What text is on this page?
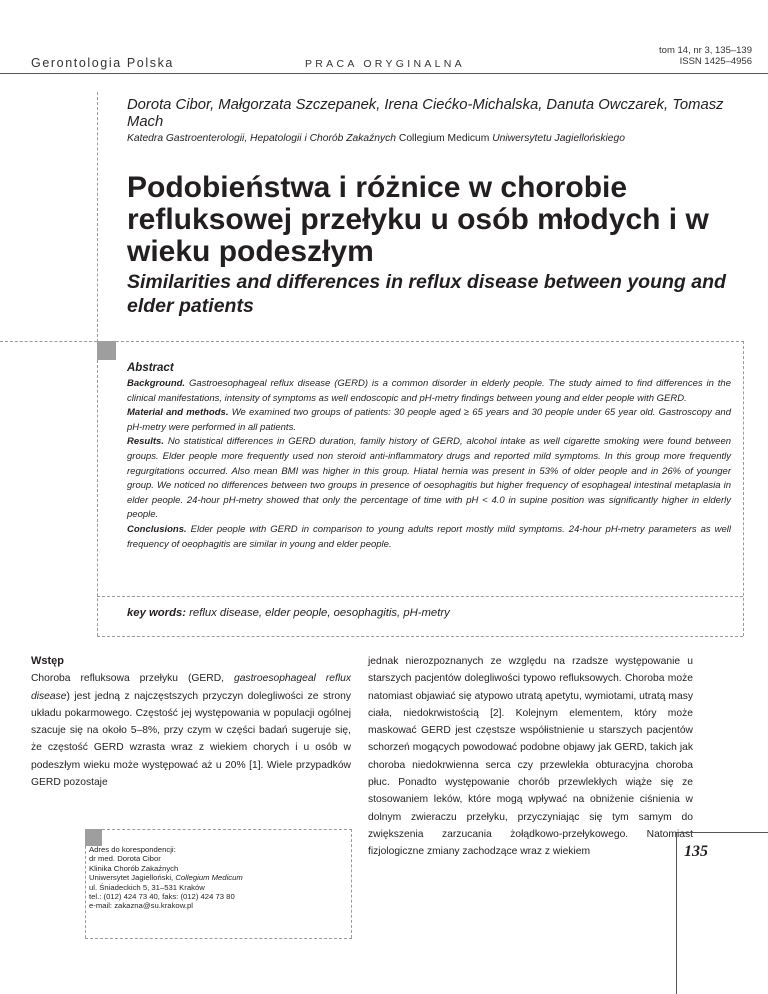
Gerontologia Polska	PRACA ORYGINALNA
tom 14, nr 3, 135–139
ISSN 1425–4956
Dorota Cibor, Małgorzata Szczepanek, Irena Ciećko-Michalska, Danuta Owczarek, Tomasz Mach
Katedra Gastroenterologii, Hepatologii i Chorób Zakaźnych Collegium Medicum Uniwersytetu Jagiellońskiego
Podobieństwa i różnice w chorobie refluksowej przełyku u osób młodych i w wieku podeszłym
Similarities and differences in reflux disease between young and elder patients
Abstract
Background. Gastroesophageal reflux disease (GERD) is a common disorder in elderly people. The study aimed to find differences in the clinical manifestations, intensity of symptoms as well endoscopic and pH-metry findings between young and elder people with GERD.
Material and methods. We examined two groups of patients: 30 people aged ≥ 65 years and 30 people under 65 year old. Gastroscopy and pH-metry were performed in all patients.
Results. No statistical differences in GERD duration, family history of GERD, alcohol intake as well cigarette smoking were found between groups. Elder people more frequently used non steroid anti-inflammatory drugs and reported mild symptoms. In this group more frequently regurgitations occurred. Also mean BMI was higher in this group. Hiatal hernia was present in 53% of older people and in 26% of younger group. We noticed no differences between two groups in presence of oesophagitis but higher frequency of esophageal intestinal metaplasia in elder people. 24-hour pH-metry showed that only the percentage of time with pH < 4.0 in supine position was significantly higher in elderly people.
Conclusions. Elder people with GERD in comparison to young adults report mostly mild symptoms. 24-hour pH-metry parameters as well frequency of oeophagitis are similar in young and elder people.
key words: reflux disease, elder people, oesophagitis, pH-metry
Wstęp

Choroba refluksowa przełyku (GERD, gastroesophageal reflux disease) jest jedną z najczęstszych przyczyn dolegliwości ze strony układu pokarmowego. Częstość jej występowania w populacji ogólnej szacuje się na około 5–8%, przy czym w części badań sugeruje się, że częstość GERD wzrasta wraz z wiekiem chorych i u osób w podeszłym wieku może występować aż u 20% [1]. Wiele przypadków GERD pozostaje

jednak nierozpoznanych ze względu na rzadsze występowanie u starszych pacjentów dolegliwości typowo refluksowych. Choroba może natomiast objawiać się atypowo utratą apetytu, wymiotami, utratą masy ciała, niedokrwistością [2]. Kolejnym elementem, który może maskować GERD jest częstsze współistnienie u starszych pacjentów schorzeń mogących powodować podobne objawy jak GERD, takich jak choroba niedokrwienna serca czy przewlekła obturacyjna choroba płuc. Ponadto występowanie chorób przewlekłych wiąże się ze stosowaniem leków, które mogą wpływać na obniżenie ciśnienia w dolnym zwieraczu przełyku, przyczyniając się tym samym do zwiększenia zarzucania żołądkowo-przełykowego. Natomiast fizjologiczne zmiany zachodzące wraz z wiekiem

Adres do korespondencji:
dr med. Dorota Cibor
Klinika Chorób Zakaźnych
Uniwersytet Jagielloński, Collegium Medicum
ul. Śniadeckich 5, 31–531 Kraków
tel.: (012) 424 73 40, faks: (012) 424 73 80
e-mail: zakazna@su.krakow.pl
135
